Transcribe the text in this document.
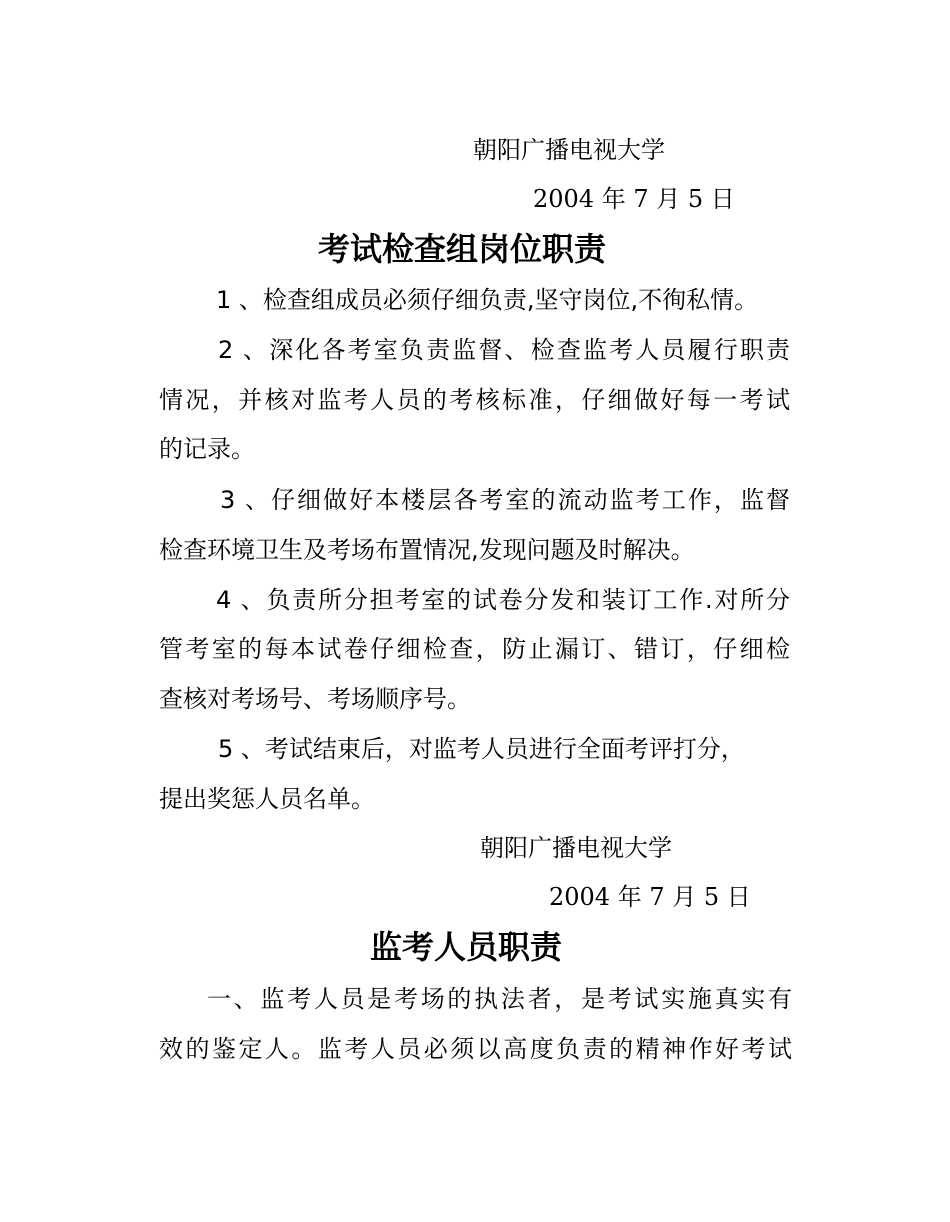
朝阳广播电视大学
2004 年 7 月 5 日
考试检查组岗位职责
1 、检查组成员必须仔细负责,坚守岗位,不徇私情。
2 、深化各考室负责监督、检查监考人员履行职责
情况，并核对监考人员的考核标准，仔细做好每一考试
的记录。
3 、仔细做好本楼层各考室的流动监考工作，监督
检查环境卫生及考场布置情况,发现问题及时解决。
4 、负责所分担考室的试卷分发和装订工作.对所分
管考室的每本试卷仔细检查，防止漏订、错订，仔细检
查核对考场号、考场顺序号。
5 、考试结束后，对监考人员进行全面考评打分，
提出奖惩人员名单。
朝阳广播电视大学
2004 年 7 月 5 日
监考人员职责
一、监考人员是考场的执法者，是考试实施真实有
效的鉴定人。监考人员必须以高度负责的精神作好考试
